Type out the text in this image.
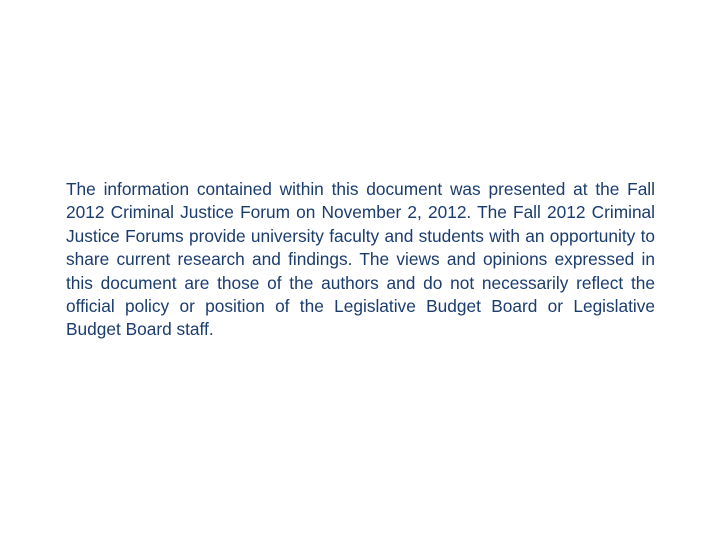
The information contained within this document was presented at the Fall 2012 Criminal Justice Forum on November 2, 2012. The Fall 2012 Criminal Justice Forums provide university faculty and students with an opportunity to share current research and findings. The views and opinions expressed in this document are those of the authors and do not necessarily reflect the official policy or position of the Legislative Budget Board or Legislative Budget Board staff.
